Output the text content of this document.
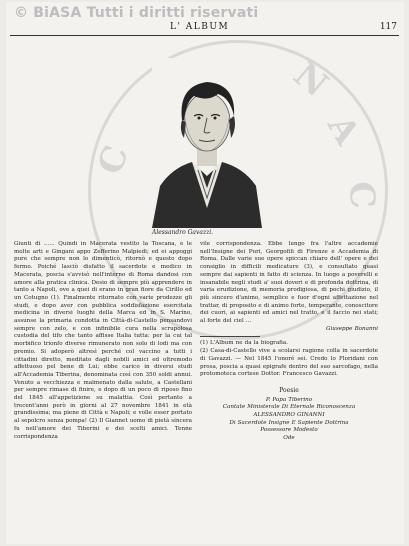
N
A
C
C
© BiASA Tutti i diritti riservati
L' ALBUM	117
Alessandro Gavazzi.

Giunti di ...... Quindi in Macerata vestito la Toscana, e le molte arti e Gingani appo Zefferino Malpiedi; ed ei appoggi pure che sempre non lo dimenticò, ritornò e questo dopo fermo. Poiché lasciò disfatto il sacerdote e medico in Macerata, poscia s'avvisò nell'interno di Roma dandosi con amore alla pratica clinica. Desio di sempre più apprendere in tanto a Napoli, ove a quei di erano in gran fiore da Cirillo ed un Cotugno (1). Finalmente ritornato con varie prodezze gli studi, e dopo aver con pubblica soddisfazione esercitata medicina in diversi luoghi della Marca ed in S. Marino, assunse la primaria condotta in Città-di-Castello pensandovi sempre con zelo, e con infinibile cura nella scrupolosa custodia del tifo che tanto affisse Italia tutta: per la cui tal morbifico trionfo diverse rimunerato non solo di lodi ma con premio. Si adoperò altresì perché col vaccino a tutti i cittadini diretto, meditato dagli nobili amici ed oltremodo affettuoso pel bene di Lui; ebbe carico in diversi studi all'Accademia Tiberina, denominata così con 350 soldi annui. Venuto a vecchiezza e malmenato dalla salute, a Castellani per sempre rimase di finire, e dopo di un poco di riposo fino del 1845 all'appetizione su malattia. Così pertanto a trecent'anni però in giorni al 27 novembre 1841 in età grandissima; ma piene di Città e Napoli; e volle esser portato al sepolcro senza pompa! (2) Il Giannet uomo di pietà sincera fu nell'amore dei Tiberini e dei scelti amici. Tenne corrispondenza

vile corrispondenza. Ebbe lungo fra l'altre accademie nell'Insigne dei Puri, Georgofili di Firenze e Accademia di Roma. Dalle varie sue opere spiccan chiaro dell' opere e dei consiglio in difficili medicature (3), e consultato quasi sempre dai sapienti in fatto di scienza. In luogo a poverelli e insanabile negli studi a' suoi doveri e di profonda dottrina, di varia erudizione, di memoria prodigiosa, di pochi giudizio, il più sincero d'animo, semplice e fuor d'ogni affettazione nel trattar, di proposito e di animo forte, temperante, conoscitore dei cuori, ai sapienti ed amici nel tratto, e il faccio nei stati; al forte del ciel ...

Giuseppe Bonanni

(1) L'Album ne da la biografia.

(2) Casa-di-Castello vive a scolarsi ragione colla in sacerdote di Gavazzi. — Nel 1845 l'onoré sei. Credo lo Floridani con prosa, poscia a quasi epigrafe dentro del suo sarcofago, nella protomoteca cortese Dottor. Francesco Gavazzi.

Poesie

P. Papa Tiberino

Cantate Ministerale Di Eternale Riconoscenza

ALESSANDRO GINANNI

Di Sacerdote Insigne E Sapiente Dottrina

Possessore Modesto

Ode
